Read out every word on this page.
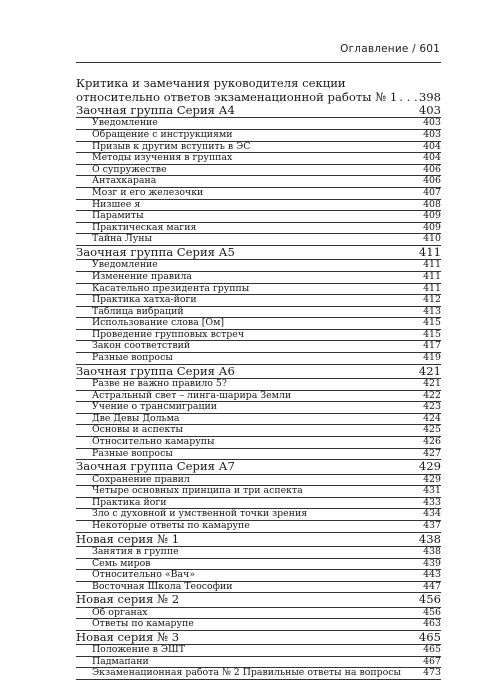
Оглавление / 601
Критика и замечания руководителя секции
относительно ответов экзаменационной работы № 1 . . . 398
Заочная группа Серия А4	403
Уведомление	403
Обращение с инструкциями	403
Призыв к другим вступить в ЭС	404
Методы изучения в группах	404
О супружестве	406
Антахкарана	406
Мозг и его железочки	407
Низшее я	408
Парамиты	409
Практическая магия	409
Тайна Луны	410
Заочная группа Серия А5	411
Уведомление	411
Изменение правила	411
Касательно президента группы	411
Практика хатха-йоги	412
Таблица вибраций	413
Использование слова [Ом]	415
Проведение групповых встреч	415
Закон соответствий	417
Разные вопросы	419
Заочная группа Серия А6	421
Разве не важно правило 5?	421
Астральный свет – линга-шарира Земли	422
Учение о трансмиграции	423
Две Девы Дольма	424
Основы и аспекты	425
Относительно камарупы	426
Разные вопросы	427
Заочная группа Серия А7	429
Сохранение правил	429
Четыре основных принципа и три аспекта	431
Практика йоги	433
Зло с духовной и умственной точки зрения	434
Некоторые ответы по камарупе	437
Новая серия № 1	438
Занятия в группе	438
Семь миров	439
Относительно «Вач»	443
Восточная Школа Теософии	447
Новая серия № 2	456
Об органах	456
Ответы по камарупе	463
Новая серия № 3	465
Положение в ЭШТ	465
Падмапани	467
Экзаменационная работа № 2 Правильные ответы на вопросы	473
